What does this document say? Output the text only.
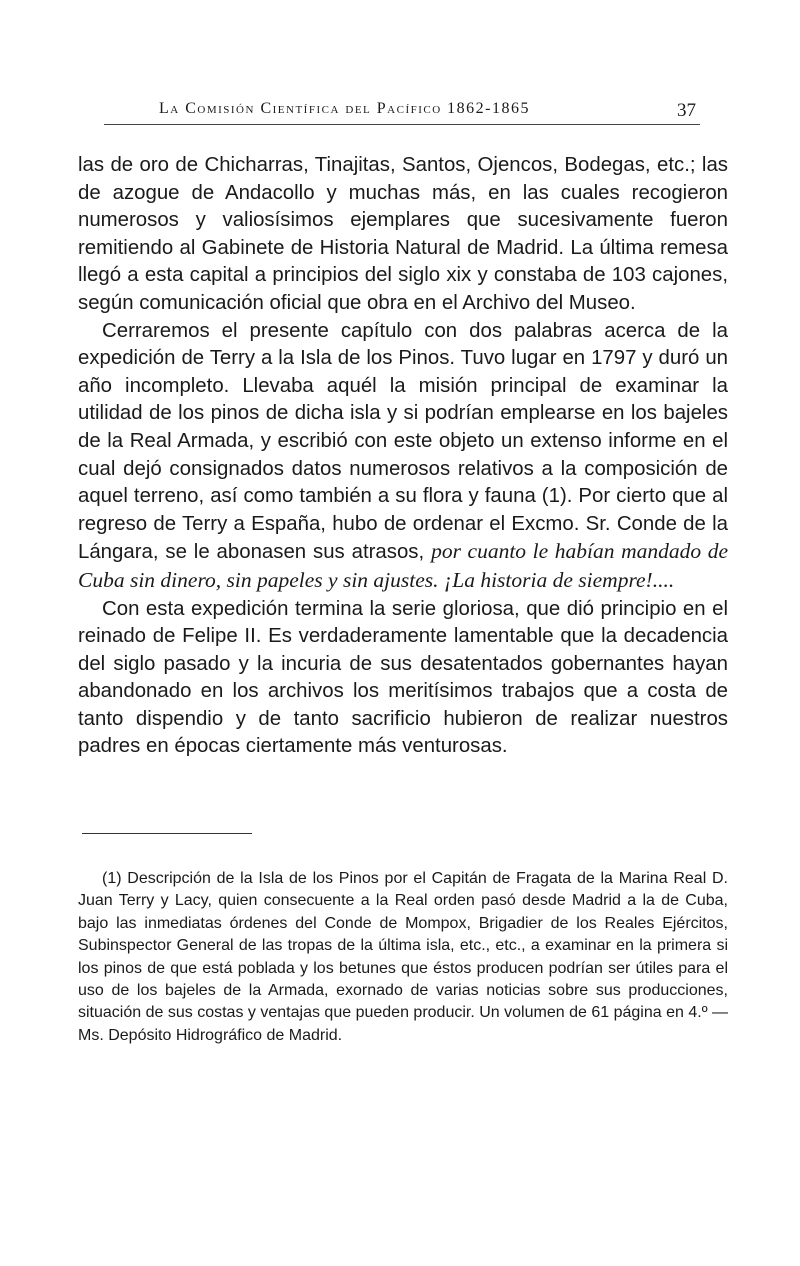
La Comisión Científica del Pacífico 1862-1865	37

las de oro de Chicharras, Tinajitas, Santos, Ojencos, Bodegas, etc.; las de azogue de Andacollo y muchas más, en las cuales recogieron numerosos y valiosísimos ejemplares que sucesivamente fueron remitiendo al Gabinete de Historia Natural de Madrid. La última remesa llegó a esta capital a principios del siglo xix y constaba de 103 cajones, según comunicación oficial que obra en el Archivo del Museo.

Cerraremos el presente capítulo con dos palabras acerca de la expedición de Terry a la Isla de los Pinos. Tuvo lugar en 1797 y duró un año incompleto. Llevaba aquél la misión principal de examinar la utilidad de los pinos de dicha isla y si podrían emplearse en los bajeles de la Real Armada, y escribió con este objeto un extenso informe en el cual dejó consignados datos numerosos relativos a la composición de aquel terreno, así como también a su flora y fauna (1). Por cierto que al regreso de Terry a España, hubo de ordenar el Excmo. Sr. Conde de la Lángara, se le abonasen sus atrasos, por cuanto le habían mandado de Cuba sin dinero, sin papeles y sin ajustes. ¡La historia de siempre!....

Con esta expedición termina la serie gloriosa, que dió principio en el reinado de Felipe II. Es verdaderamente lamentable que la decadencia del siglo pasado y la incuria de sus desatentados gobernantes hayan abandonado en los archivos los meritísimos trabajos que a costa de tanto dispendio y de tanto sacrificio hubieron de realizar nuestros padres en épocas ciertamente más venturosas.

(1) Descripción de la Isla de los Pinos por el Capitán de Fragata de la Marina Real D. Juan Terry y Lacy, quien consecuente a la Real orden pasó desde Madrid a la de Cuba, bajo las inmediatas órdenes del Conde de Mompox, Brigadier de los Reales Ejércitos, Subinspector General de las tropas de la última isla, etc., etc., a examinar en la primera si los pinos de que está poblada y los betunes que éstos producen podrían ser útiles para el uso de los bajeles de la Armada, exornado de varias noticias sobre sus producciones, situación de sus costas y ventajas que pueden producir. Un volumen de 61 página en 4.º — Ms. Depósito Hidrográfico de Madrid.
